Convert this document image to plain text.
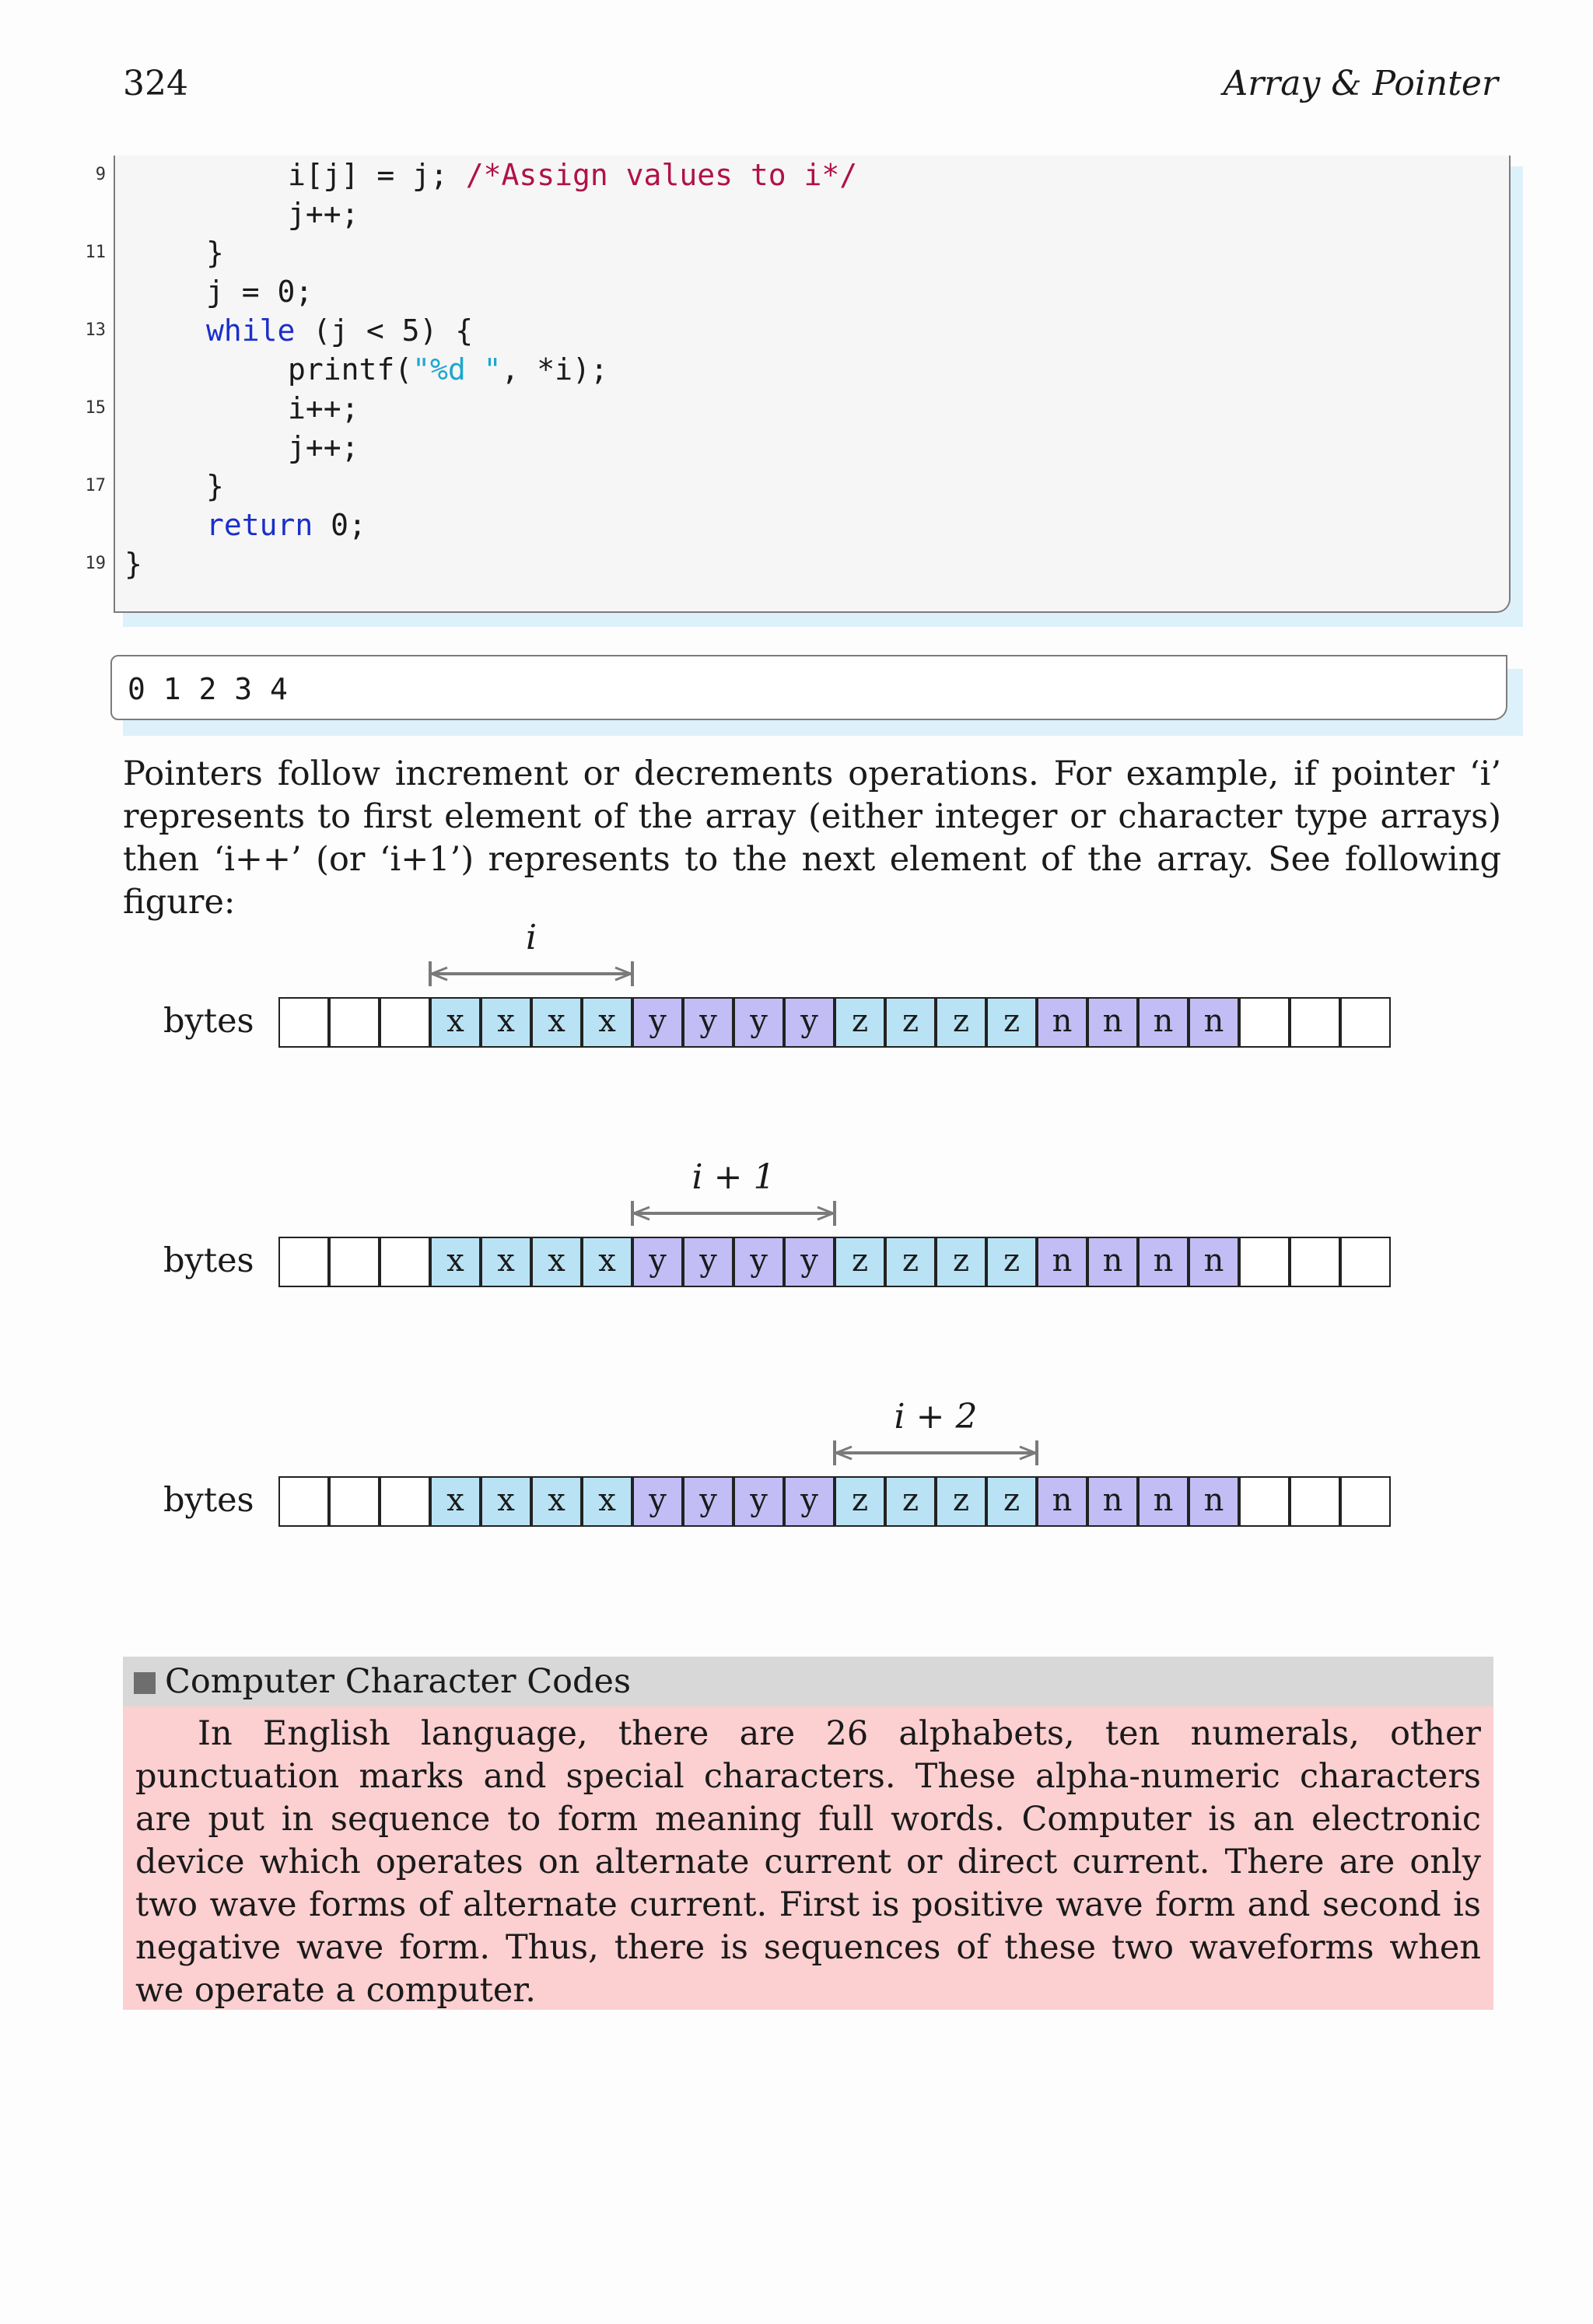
324	Array & Pointer
i[j] = j; /*Assign values to i*/
j++;
}
j = 0;
while (j < 5) {
printf("%d ", *i);
i++;
j++;
}
return 0;
}
9
11
13
15
17
19
0 1 2 3 4
Pointers follow increment or decrements operations. For example, if pointer ‘i’ represents to first element of the array (either integer or character type arrays) then ‘i++’ (or ‘i+1’) represents to the next element of the array. See following figure:
bytes	x	x	x	x	y	y	y	y	z	z	z	z	n n n n
i
bytes	x	x	x	x	y	y	y	y	z	z	z	z	n n n n
i + 1
bytes	x	x	x	x	y	y	y	y	z	z	z	z	n n n n
i + 2
Computer Character Codes

In English language, there are 26 alphabets, ten numerals, other punctuation marks and special characters. These alpha-numeric characters are put in sequence to form meaning full words. Computer is an electronic device which operates on alternate current or direct current. There are only two wave forms of alternate current. First is positive wave form and second is negative wave form. Thus, there is sequences of these two waveforms when we operate a computer.
